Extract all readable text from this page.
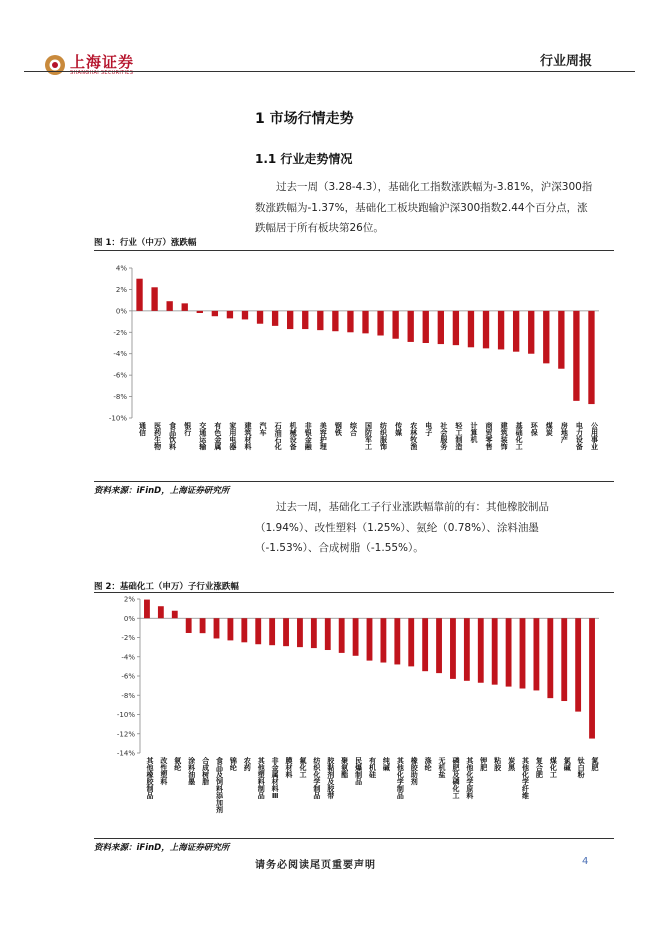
上海证券
SHANGHAI SECURITIES
行业周报
1 市场行情走势
1.1 行业走势情况
过去一周（3.28-4.3），基础化工指数涨跌幅为-3.81%，沪深300指数涨跌幅为-1.37%，基础化工板块跑输沪深300指数2.44个百分点，涨跌幅居于所有板块第26位。
图 1：行业（中万）涨跌幅
4%
2%
0%
-2%
-4%
-6%
-8%
-10%
通信 医药生物 食品饮料 银行 交通运输 有色金属 家用电器 建筑材料 汽车 石油石化 机械设备 非银金融 美容护理 钢铁 综合 国防军工 纺织服饰 传媒 农林牧渔 电子 社会服务 轻工制造 计算机 商贸零售 建筑装饰 基础化工 环保 煤炭 房地产 电力设备 公用事业
资料来源：iFinD，上海证券研究所
过去一周，基础化工子行业涨跌幅靠前的有：其他橡胶制品（1.94%）、改性塑料（1.25%）、氨纶（0.78%）、涂料油墨（-1.53%）、合成树脂（-1.55%）。
图 2：基础化工（申万）子行业涨跌幅
2%
0%
-2%
-4%
-6%
-8%
-10%
-12%
-14%
其他橡胶制品 改性塑料 氨纶 涂料油墨 合成树脂 食品及饲料添加剂 锦纶 农药 其他塑料制品 非金属材料Ⅲ 膜材料 氟化工 纺织化学制品 胶黏剂及胶带 聚氨酯 民爆制品 有机硅 纯碱 其他化学制品 橡胶助剂 涤纶 无机盐 磷肥及磷化工 其他化学原料 钾肥 粘胶 炭黑 其他化学纤维 复合肥 煤化工 氯碱 钛白粉 氮肥
资料来源：iFinD，上海证券研究所
请务必阅读尾页重要声明	4
